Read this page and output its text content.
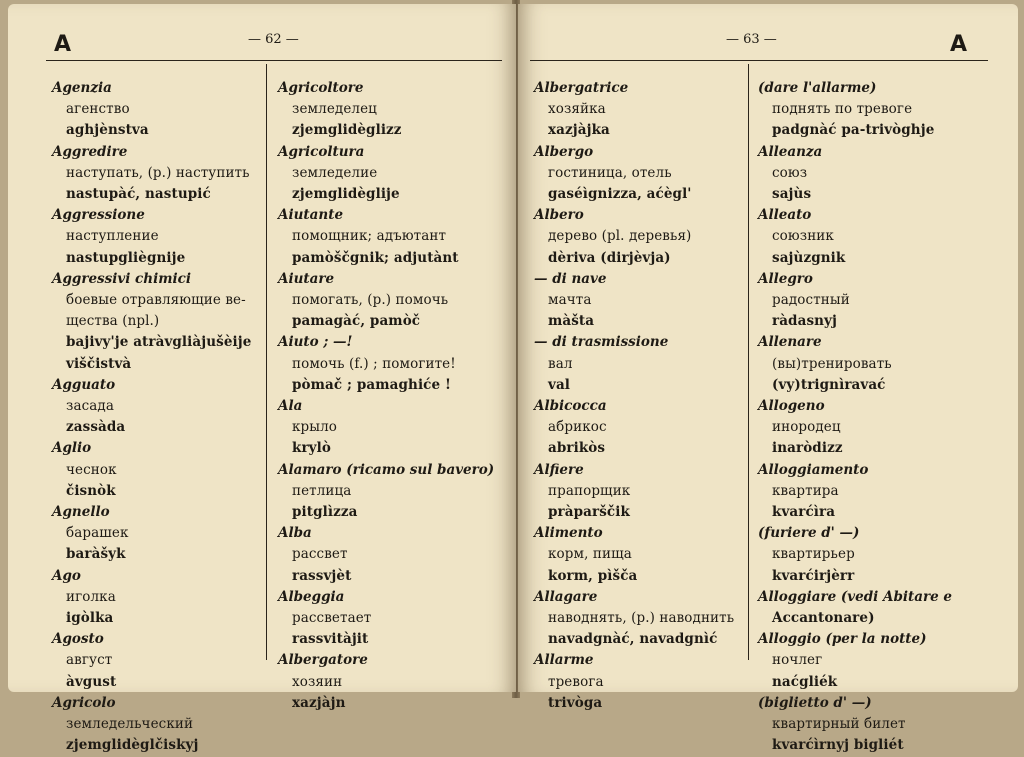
A	— 62 —
Agenzia
агенство
aghjènstva
Aggredire
наступать, (p.) наступить
nastupàć, nastupić
Aggressione
наступление
nastupgliègnije
Aggressivi chimici
боевые отравляющие ве-
щества (npl.)
bajivy'je atràvgliàjušèije
viščistvà
Agguato
засада
zassàda
Aglio
чеснок
čisnòk
Agnello
барашек
baràšyk
Ago
иголка
igòlka
Agosto
август
àvgust
Agricolo
земледельческий
zjemglidèglčiskyj
Agricoltore
земледелец
zjemglidèglizz
Agricoltura
земледелие
zjemglidèglije
Aiutante
помощник; адъютант
pamòščgnik; adjutànt
Aiutare
помогать, (p.) помочь
pamagàć, pamòč
Aiuto ; —!
помочь (f.) ; помогите!
pòmač ; pamaghiće !
Ala
крыло
krylò
Alamaro (ricamo sul bavero)
петлица
pitglìzza
Alba
рассвет
rassvjèt
Albeggia
рассветает
rassvitàjit
Albergatore
хозяин
xazjàjn
— 63 —	A
Albergatrice
хозяйка
xazjàjka
Albergo
гостиница, отель
gaséìgnizza, aćègl'
Albero
дерево (pl. деревья)
dèriva (dirjèvja)
— di nave
мачта
màšta
— di trasmissione
вал
val
Albicocca
абрикос
abrikòs
Alfiere
прапорщик
pràparščik
Alimento
корм, пища
korm, pìšča
Allagare
наводнять, (p.) наводнить
navadgnàć, navadgnìć
Allarme
тревога
trivòga
(dare l'allarme)
поднять по тревоге
padgnàć pa-trivòghje
Alleanza
союз
sajùs
Alleato
союзник
sajùzgnik
Allegro
радостный
ràdasnyj
Allenare
(вы)тренировать
(vy)trignìravać
Allogeno
инородец
inaròdizz
Alloggiamento
квартира
kvarćìra
(furiere d' —)
квартирьер
kvarćirjèrr
Alloggiare (vedi Abitare e
Accantonare)
Alloggio (per la notte)
ночлег
naćgliék
(biglietto d' —)
квартирный билет
kvarćìrnyj bigliét
